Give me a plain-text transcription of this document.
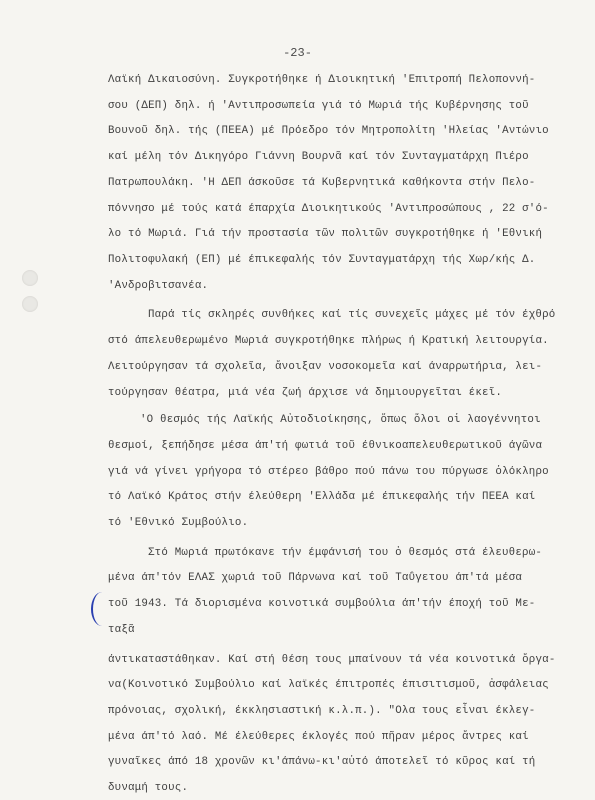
-23-
Λαϊκή Δικαιοσύνη. Συγκροτήθηκε ή Διοικητική 'Επιτροπή Πελοποννή-
σου (ΔΕΠ) δηλ. ή 'Αντιπροσωπεία γιά τό Μωριά τής Κυβέρνησης τοῦ
Βουνοῦ δηλ. τής (ΠΕΕΑ) μέ Πρόεδρο τόν Μητροπολίτη 'Ηλείας 'Αντώνιο
καί μέλη τόν Δικηγόρο Γιάννη Βουρνᾶ καί τόν Συνταγματάρχη Πιέρο
Πατρωπουλάκη. 'Η ΔΕΠ άσκοῦσε τά Κυβερνητικά καθήκοντα στήν Πελο-
πόννησο μέ τούς κατά έπαρχία Διοικητικούς 'Αντιπροσώπους , 22 σ'ό-
λο τό Μωριά. Γιά τήν προστασία τῶν πολιτῶν συγκροτήθηκε ή 'Εθνική
Πολιτοφυλακή (ΕΠ) μέ έπικεφαλής τόν Συνταγματάρχη τής Χωρ/κής Δ.
'Ανδροβιτσανέα.
Παρά τίς σκληρές συνθήκες καί τίς συνεχεῖς μάχες μέ τόν έχθρό
στό άπελευθερωμένο Μωριά συγκροτήθηκε πλήρως ή Κρατική λειτουργία.
Λειτούργησαν τά σχολεῖα, ἄνοιξαν νοσοκομεῖα καί άναρρωτήρια, λει-
τούργησαν θέατρα, μιά νέα ζωή άρχισε νά δημιουργεῖται έκεῖ.
'Ο θεσμός τής Λαϊκής Αὐτοδιοίκησης, ὅπως ὅλοι οἱ λαογέννητοι
θεσμοί, ξεπήδησε μέσα άπ'τή φωτιά τοῦ έθνικοαπελευθερωτικοῦ άγῶνα
γιά νά γίνει γρήγορα τό στέρεο βάθρο πού πάνω του πύργωσε ὁλόκληρο
τό Λαϊκό Κράτος στήν έλεύθερη 'Ελλάδα μέ έπικεφαλής τήν ΠΕΕΑ καί
τό 'Εθνικό Συμβούλιο.
Στό Μωριά πρωτόκανε τήν έμφάνισή του ὁ θεσμός στά έλευθερω-
μένα άπ'τόν ΕΛΑΣ χωριά τοῦ Πάρνωνα καί τοῦ Ταΰγετου άπ'τά μέσα
τοῦ 1943. Τά διορισμένα κοινοτικά συμβούλια άπ'τήν έποχή τοῦ Με-
ταξᾶ
άντικαταστάθηκαν. Καί στή θέση τους μπαίνουν τά νέα κοινοτικά ὄργα-
να(Κοινοτικό Συμβούλιο καί λαϊκές έπιτροπές έπισιτισμοῦ, ἀσφάλειας
πρόνοιας, σχολική, έκκλησιαστική κ.λ.π.). "Ολα τους εἶναι έκλεγ-
μένα άπ'τό λαό. Μέ έλεύθερες έκλογές πού πῆραν μέρος ἄντρες καί
γυναῖκες άπό 18 χρονῶν κι'άπάνω-κι'αὐτό άποτελεῖ τό κῦρος καί τή
δυναμή τους.
